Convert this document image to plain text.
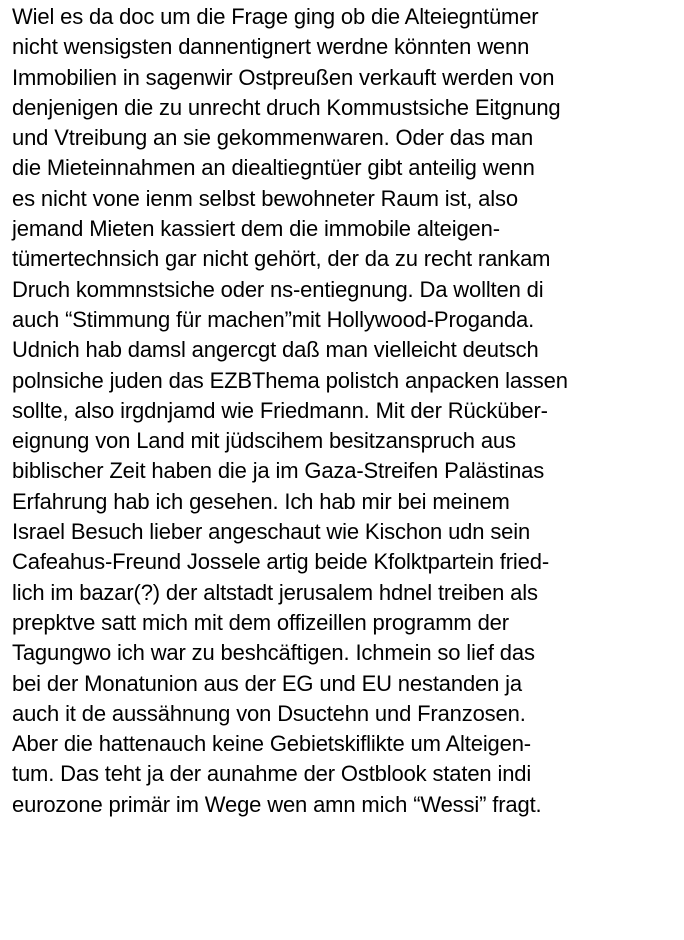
Wiel es da doc um die Frage ging ob die Alteiegntümer
nicht wensigsten dannentignert werdne könnten wenn
Immobilien in sagenwir Ostpreußen verkauft werden von
denjenigen die zu unrecht druch Kommustsiche Eitgnung
und Vtreibung an sie gekommenwaren. Oder das man
die Mieteinnahmen an diealtiegntüer gibt anteilig wenn
es nicht vone ienm selbst bewohneter Raum ist, also
jemand Mieten kassiert dem die immobile alteigen-
tümertechnsich gar nicht gehört, der da zu recht rankam
Druch kommnstsiche oder ns-entiegnung. Da wollten di
auch “Stimmung für machen”mit Hollywood-Proganda.
Udnich hab damsl angercgt daß man vielleicht deutsch
polnsiche juden das EZBThema polistch anpacken lassen
sollte, also irgdnjamd wie Friedmann. Mit der Rücküber-
eignung von Land mit jüdscihem besitzanspruch aus
biblischer Zeit haben die ja im Gaza-Streifen Palästinas
Erfahrung hab ich gesehen. Ich hab mir bei meinem
Israel Besuch lieber angeschaut wie Kischon udn sein
Cafeahus-Freund Jossele artig beide Kfolktpartein fried-
lich im bazar(?) der altstadt jerusalem hdnel treiben als
prepktve satt mich mit dem offizeillen programm der
Tagungwo ich war zu beshcäftigen. Ichmein so lief das
bei der Monatunion aus der EG und EU nestanden ja
auch it de aussähnung von Dsuctehn und Franzosen.
Aber die hattenauch keine Gebietskiflikte um Alteigen-
tum. Das teht ja der aunahme der Ostblook staten indi
eurozone primär im Wege wen amn mich “Wessi” fragt.
